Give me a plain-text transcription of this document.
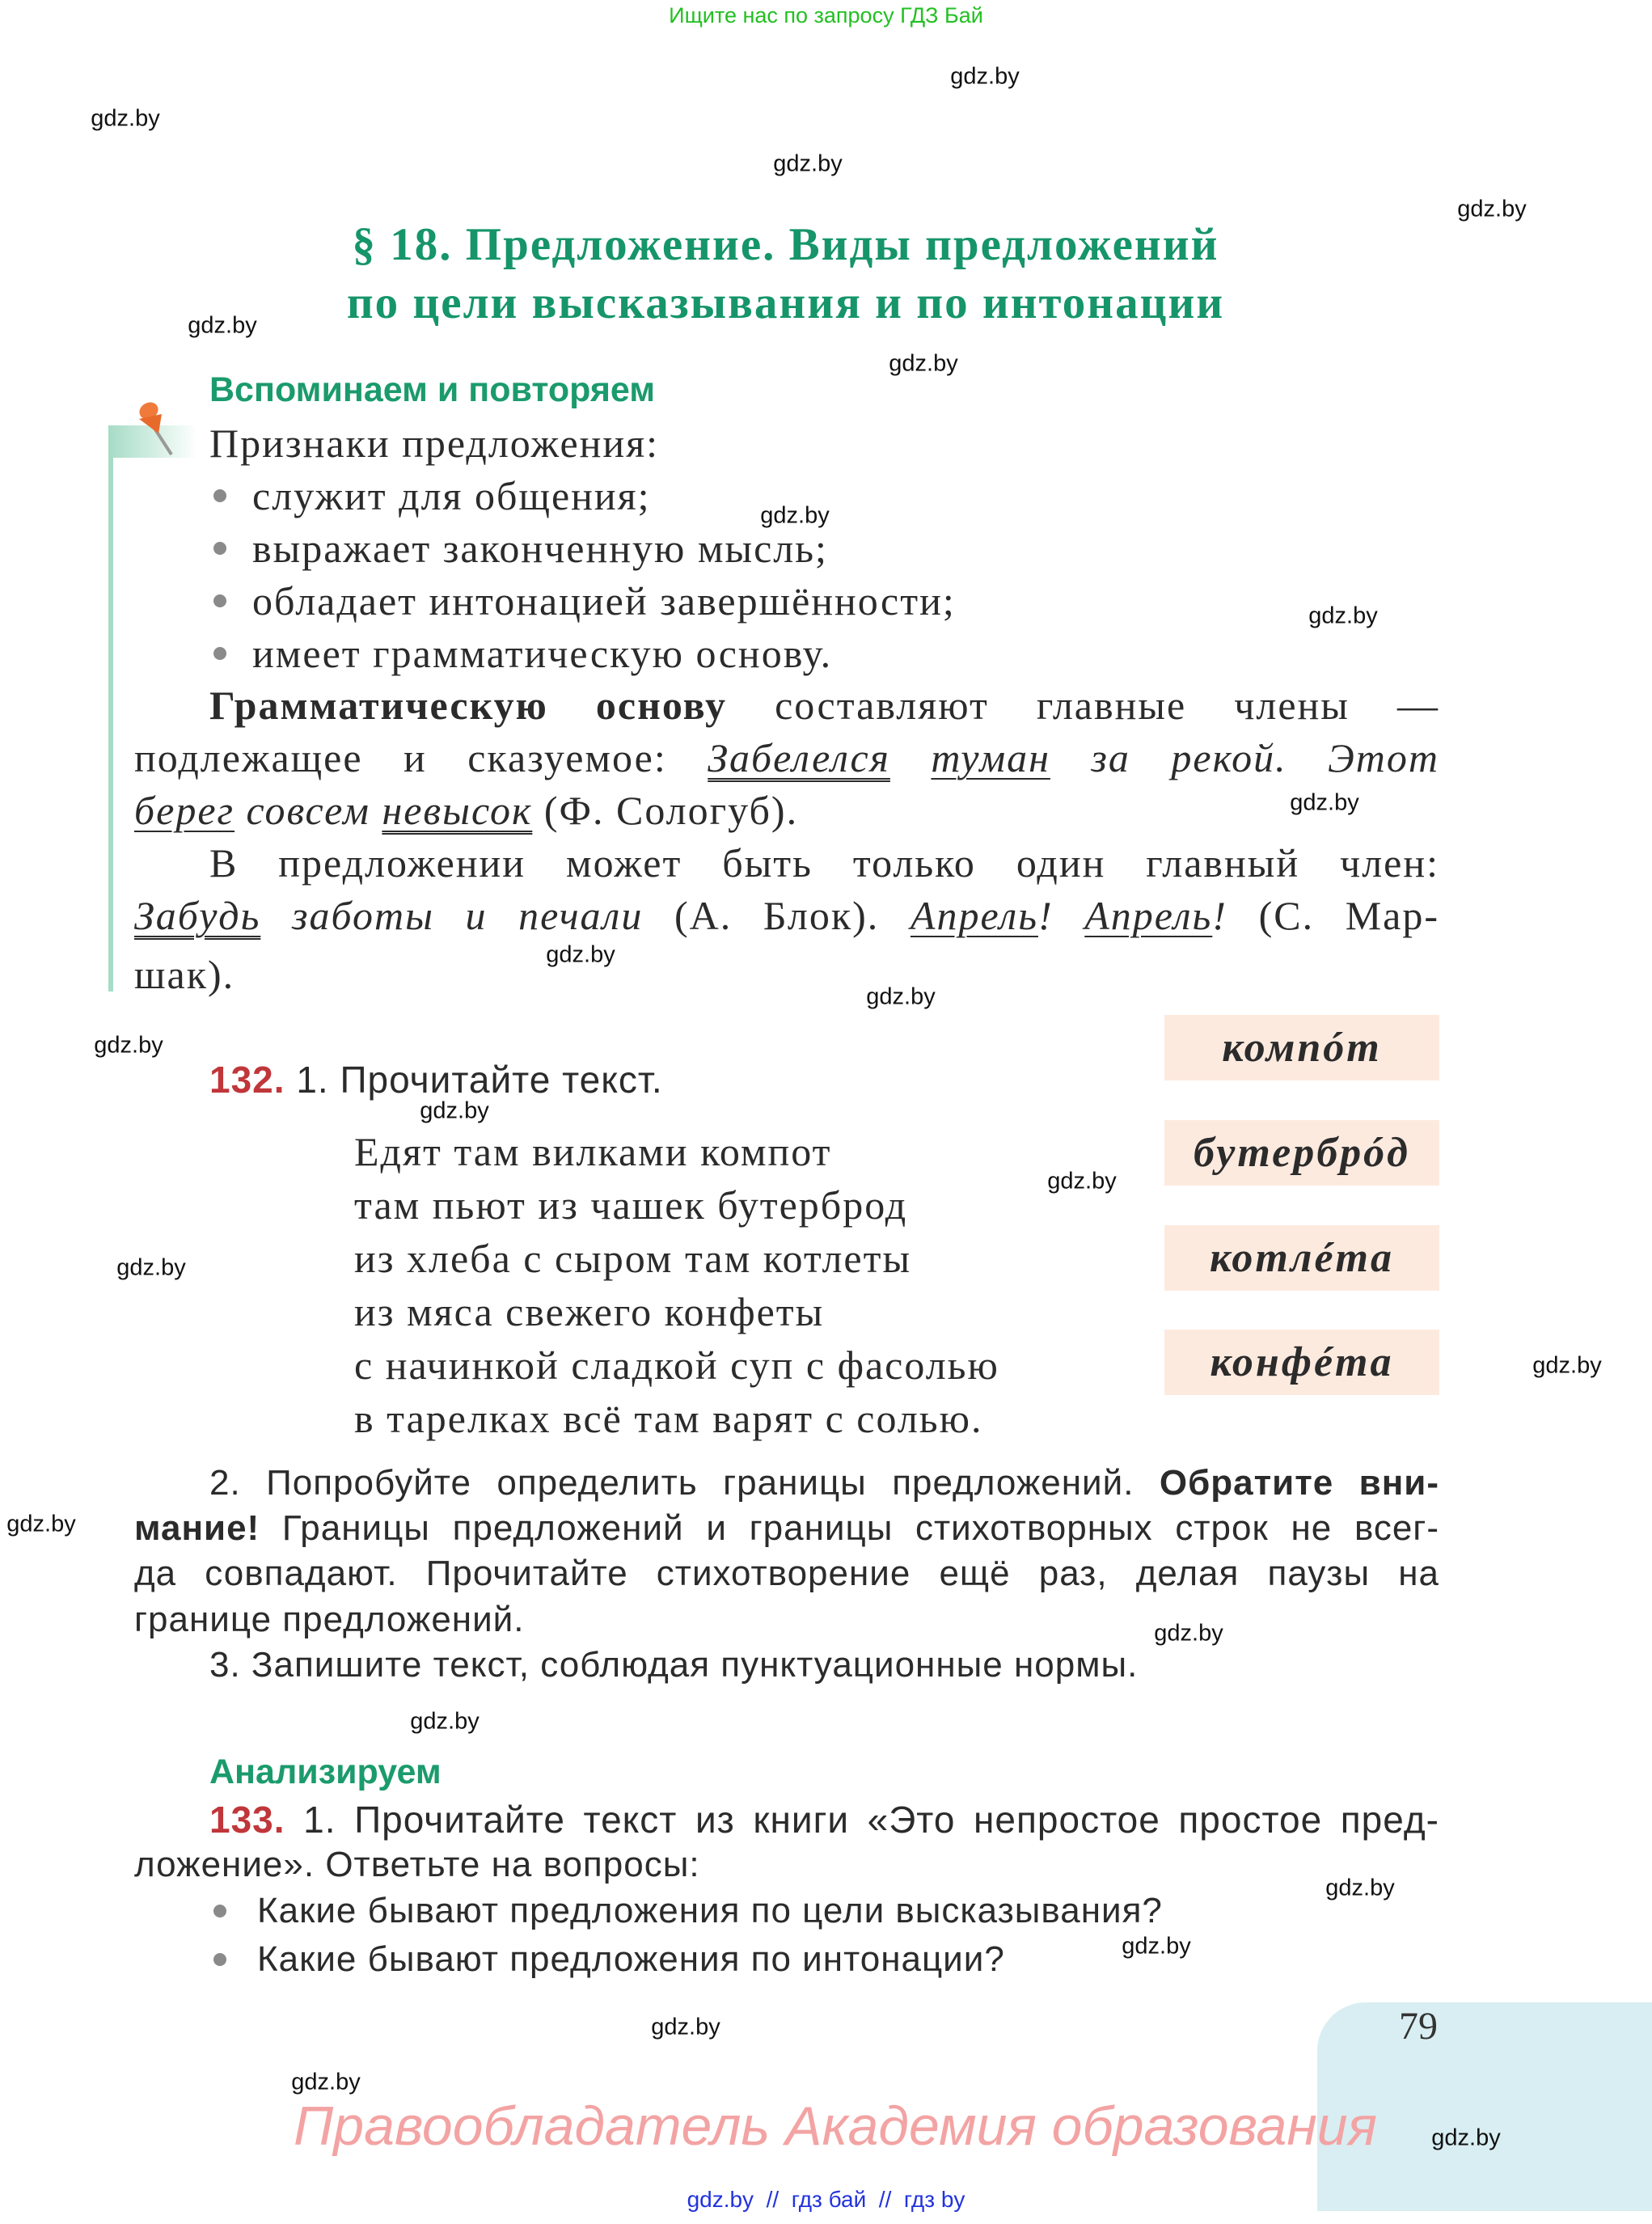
Ищите нас по запросу ГДЗ Бай
§ 18. Предложение. Виды предложений
по цели высказывания и по интонации
Вспоминаем и повторяем
Признаки предложения:
служит для общения;
выражает законченную мысль;
обладает интонацией завершённости;
имеет грамматическую основу.
Грамматическую основу составляют главные члены —
подлежащее и сказуемое: Забелелся туман за рекой. Этот
берег совсем невысок (Ф. Сологуб).
В предложении может быть только один главный член:
Забудь заботы и печали (А. Блок). Апрель! Апрель! (С. Мар-
шак).
132. 1. Прочитайте текст.
Едят там вилками компот
там пьют из чашек бутерброд
из хлеба с сыром там котлеты
из мяса свежего конфеты
с начинкой сладкой суп с фасолью
в тарелках всё там варят с солью.
компóт
бутербрóд
котлéта
конфéта
2. Попробуйте определить границы предложений. Обратите вни-
мание! Границы предложений и границы стихотворных строк не всег-
да совпадают. Прочитайте стихотворение ещё раз, делая паузы на
границе предложений.
3. Запишите текст, соблюдая пунктуационные нормы.
Анализируем
133. 1. Прочитайте текст из книги «Это непростое простое пред-
ложение». Ответьте на вопросы:
Какие бывают предложения по цели высказывания?
Какие бывают предложения по интонации?
79
Правообладатель Академия образования
gdz.by  //  гдз бай  //  гдз by
gdz.by
gdz.by
gdz.by
gdz.by
gdz.by
gdz.by
gdz.by
gdz.by
gdz.by
gdz.by
gdz.by
gdz.by
gdz.by
gdz.by
gdz.by
gdz.by
gdz.by
gdz.by
gdz.by
gdz.by
gdz.by
gdz.by
gdz.by
gdz.by
